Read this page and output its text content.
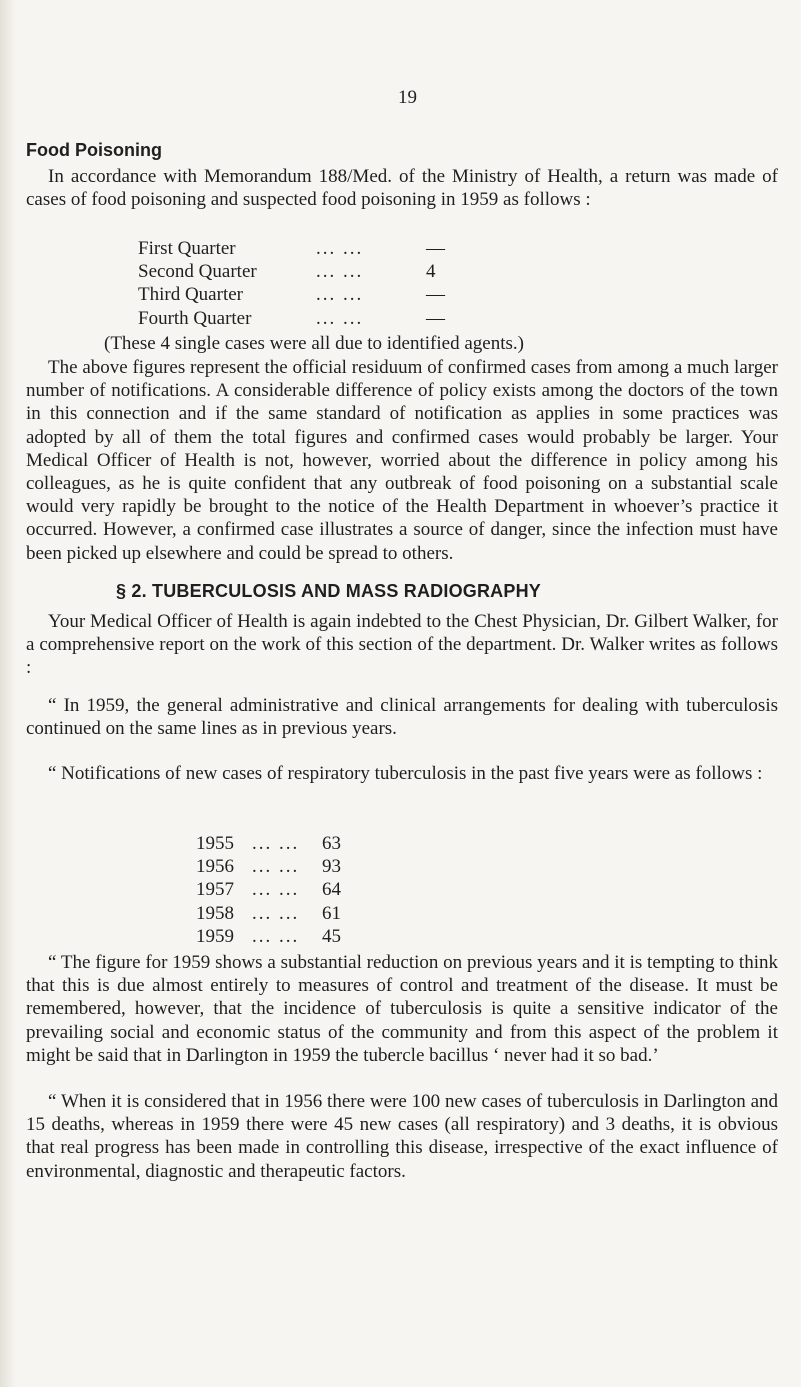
19
Food Poisoning
In accordance with Memorandum 188/Med. of the Ministry of Health, a return was made of cases of food poisoning and suspected food poisoning in 1959 as follows :
First Quarter	... ...	—
Second Quarter	... ...	4
Third Quarter	... ...	—
Fourth Quarter	... ...	—
(These 4 single cases were all due to identified agents.)
The above figures represent the official residuum of confirmed cases from among a much larger number of notifications. A considerable difference of policy exists among the doctors of the town in this connection and if the same standard of notification as applies in some practices was adopted by all of them the total figures and confirmed cases would probably be larger. Your Medical Officer of Health is not, however, worried about the difference in policy among his colleagues, as he is quite confident that any outbreak of food poisoning on a substantial scale would very rapidly be brought to the notice of the Health Department in whoever’s practice it occurred. However, a confirmed case illustrates a source of danger, since the infection must have been picked up elsewhere and could be spread to others.
§ 2. TUBERCULOSIS AND MASS RADIOGRAPHY
Your Medical Officer of Health is again indebted to the Chest Physician, Dr. Gilbert Walker, for a comprehensive report on the work of this section of the department. Dr. Walker writes as follows :
“ In 1959, the general administrative and clinical arrangements for dealing with tuberculosis continued on the same lines as in previous years.
“ Notifications of new cases of respiratory tuberculosis in the past five years were as follows :
1955 ... ...	63
1956 ... ...	93
1957 ... ...	64
1958 ... ...	61
1959 ... ...	45
“ The figure for 1959 shows a substantial reduction on previous years and it is tempting to think that this is due almost entirely to measures of control and treatment of the disease. It must be remembered, however, that the incidence of tuberculosis is quite a sensitive indicator of the prevailing social and economic status of the community and from this aspect of the problem it might be said that in Darlington in 1959 the tubercle bacillus ‘ never had it so bad.’
“ When it is considered that in 1956 there were 100 new cases of tuberculosis in Darlington and 15 deaths, whereas in 1959 there were 45 new cases (all respiratory) and 3 deaths, it is obvious that real progress has been made in controlling this disease, irrespective of the exact influence of environmental, diagnostic and therapeutic factors.
